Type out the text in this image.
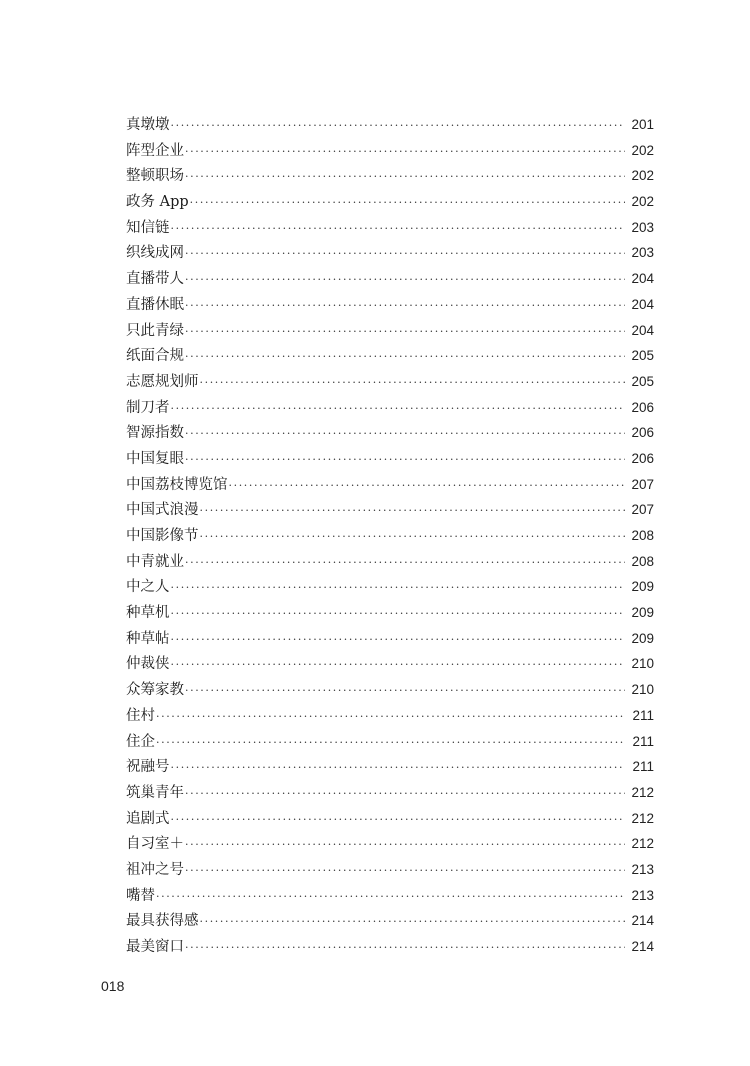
真墩墩 ·····	201
阵型企业 ·····	202
整顿职场 ·····	202
政务 App ·····	202
知信链 ·····	203
织线成网 ·····	203
直播带人 ·····	204
直播休眠 ·····	204
只此青绿 ·····	204
纸面合规 ·····	205
志愿规划师 ·····	205
制刀者 ·····	206
智源指数 ·····	206
中国复眼 ·····	206
中国荔枝博览馆 ·····	207
中国式浪漫 ·····	207
中国影像节 ·····	208
中青就业 ·····	208
中之人 ·····	209
种草机 ·····	209
种草帖 ·····	209
仲裁侠 ·····	210
众筹家教 ·····	210
住村 ·····	211
住企 ·····	211
祝融号 ·····	211
筑巢青年 ·····	212
追剧式 ·····	212
自习室＋ ·····	212
祖冲之号 ·····	213
嘴替 ·····	213
最具获得感 ·····	214
最美窗口 ·····	214
018
